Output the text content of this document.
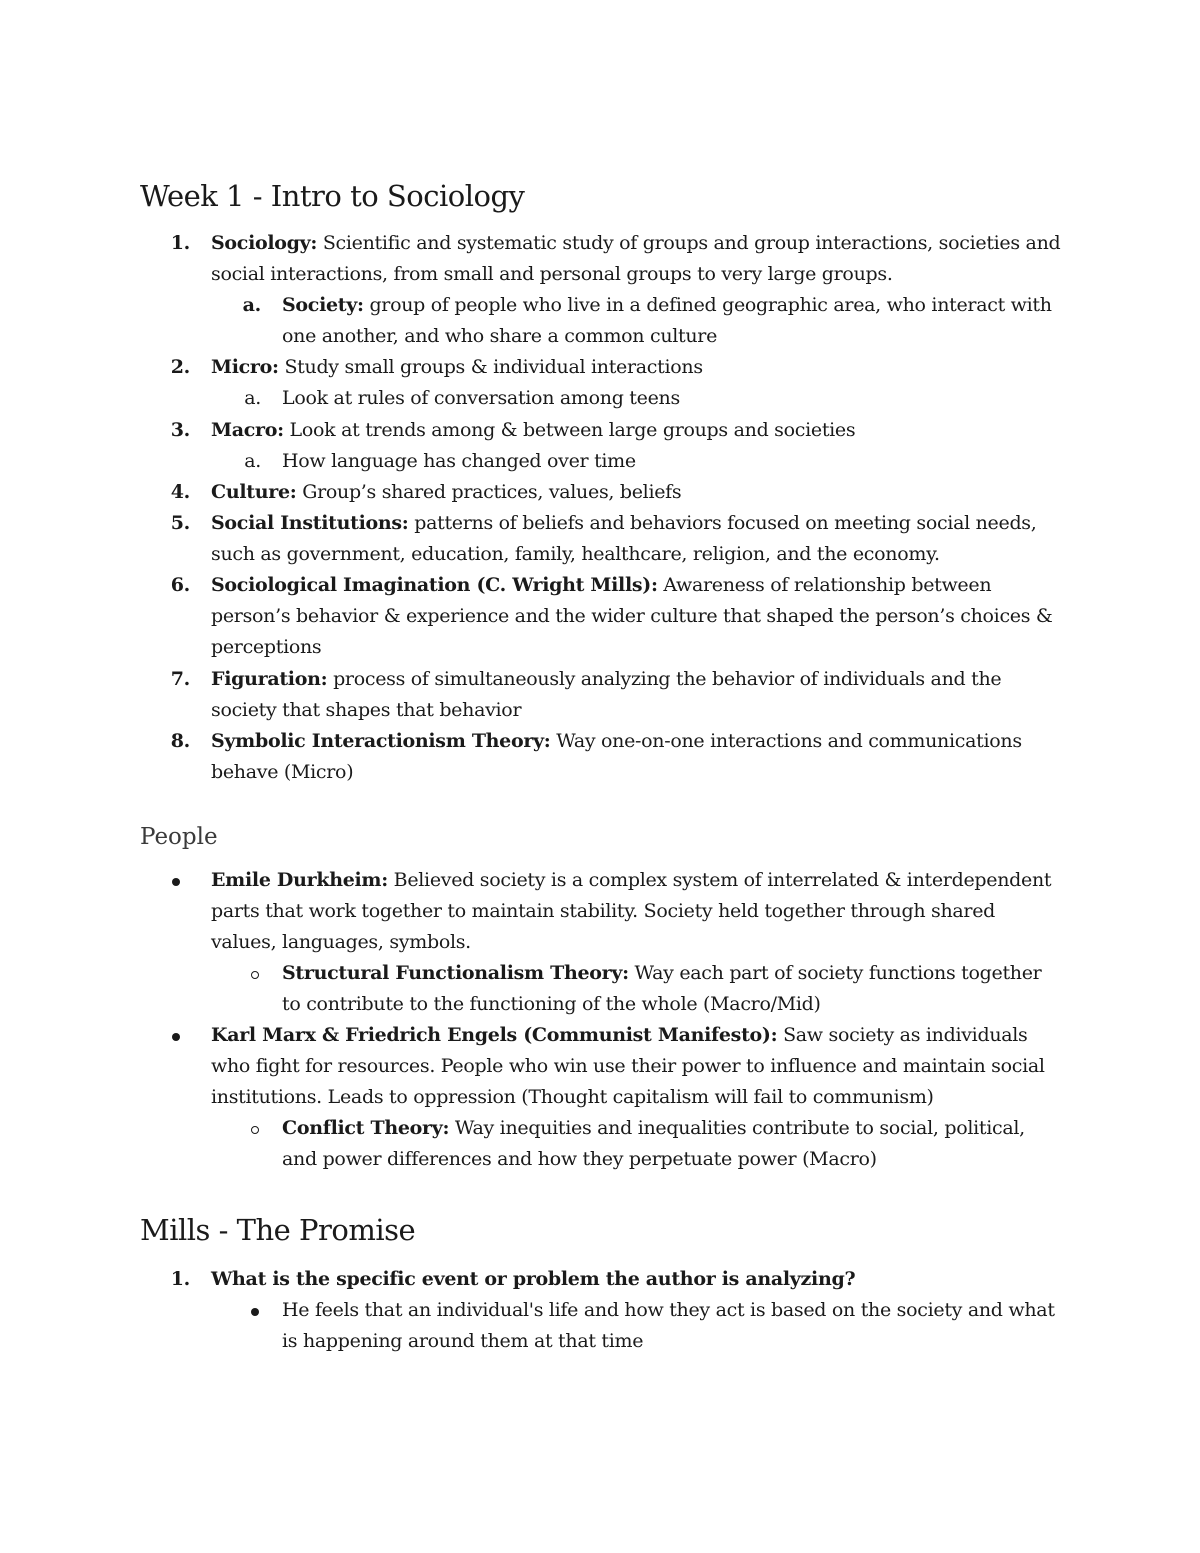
Week 1 - Intro to Sociology
1. Sociology: Scientific and systematic study of groups and group interactions, societies and social interactions, from small and personal groups to very large groups.
a. Society: group of people who live in a defined geographic area, who interact with one another, and who share a common culture
2. Micro: Study small groups & individual interactions
a. Look at rules of conversation among teens
3. Macro: Look at trends among & between large groups and societies
a. How language has changed over time
4. Culture: Group’s shared practices, values, beliefs
5. Social Institutions: patterns of beliefs and behaviors focused on meeting social needs, such as government, education, family, healthcare, religion, and the economy.
6. Sociological Imagination (C. Wright Mills): Awareness of relationship between person’s behavior & experience and the wider culture that shaped the person’s choices & perceptions
7. Figuration: process of simultaneously analyzing the behavior of individuals and the society that shapes that behavior
8. Symbolic Interactionism Theory: Way one-on-one interactions and communications behave (Micro)
People
Emile Durkheim: Believed society is a complex system of interrelated & interdependent parts that work together to maintain stability. Society held together through shared values, languages, symbols.
Structural Functionalism Theory: Way each part of society functions together to contribute to the functioning of the whole (Macro/Mid)
Karl Marx & Friedrich Engels (Communist Manifesto): Saw society as individuals who fight for resources. People who win use their power to influence and maintain social institutions. Leads to oppression (Thought capitalism will fail to communism)
Conflict Theory: Way inequities and inequalities contribute to social, political, and power differences and how they perpetuate power (Macro)
Mills - The Promise
1. What is the specific event or problem the author is analyzing?
He feels that an individual's life and how they act is based on the society and what is happening around them at that time
